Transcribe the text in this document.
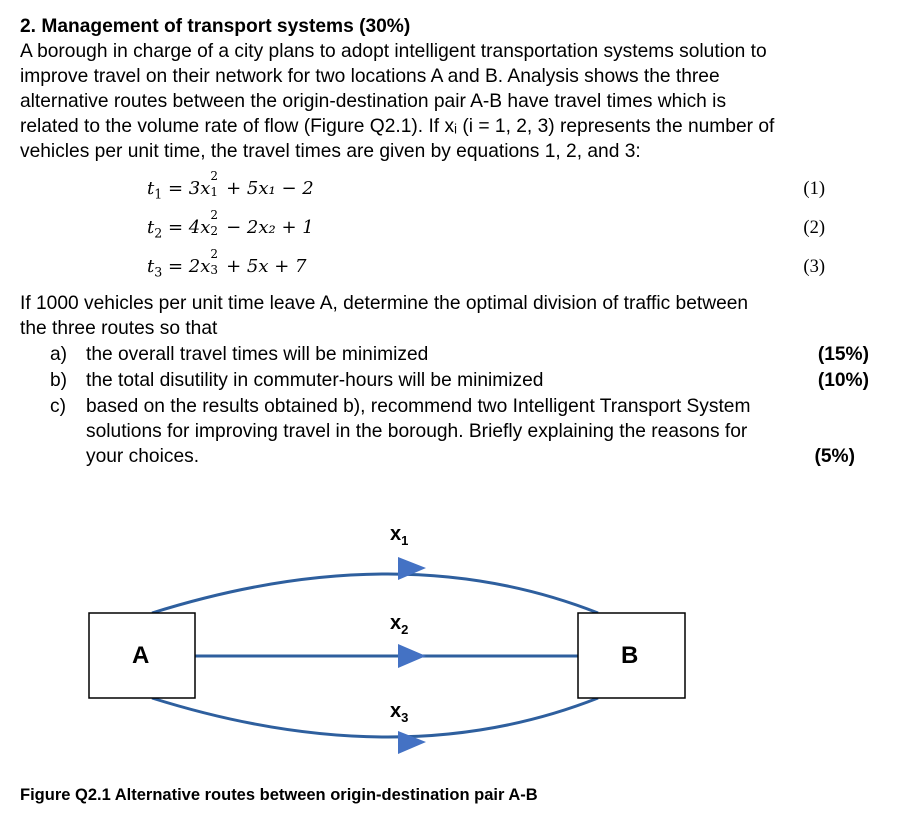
2. Management of transport systems (30%)
A borough in charge of a city plans to adopt intelligent transportation systems solution to
improve travel on their network for two locations A and B. Analysis shows the three
alternative routes between the origin-destination pair A-B have travel times which is
related to the volume rate of flow (Figure Q2.1). If xᵢ (i = 1, 2, 3) represents the number of
vehicles per unit time, the travel times are given by equations 1, 2, and 3:
$t_1 = 3x$
2
1 + 5x₁ − 2	(1)
$t_2 = 4x$
2
2 − 2x₂ + 1	(2)
$t_3 = 2x$
2
3 + 5x + 7	(3)
If 1000 vehicles per unit time leave A, determine the optimal division of traffic between
the three routes so that
a) the overall travel times will be minimized	(15%)
b) the total disutility in commuter-hours will be minimized	(10%)
c) based on the results obtained b), recommend two Intelligent Transport System
solutions for improving travel in the borough. Briefly explaining the reasons for
your choices.	(5%)
A	B
$x_1$
$x_2$
$x_3$
Figure Q2.1 Alternative routes between origin-destination pair A-B
